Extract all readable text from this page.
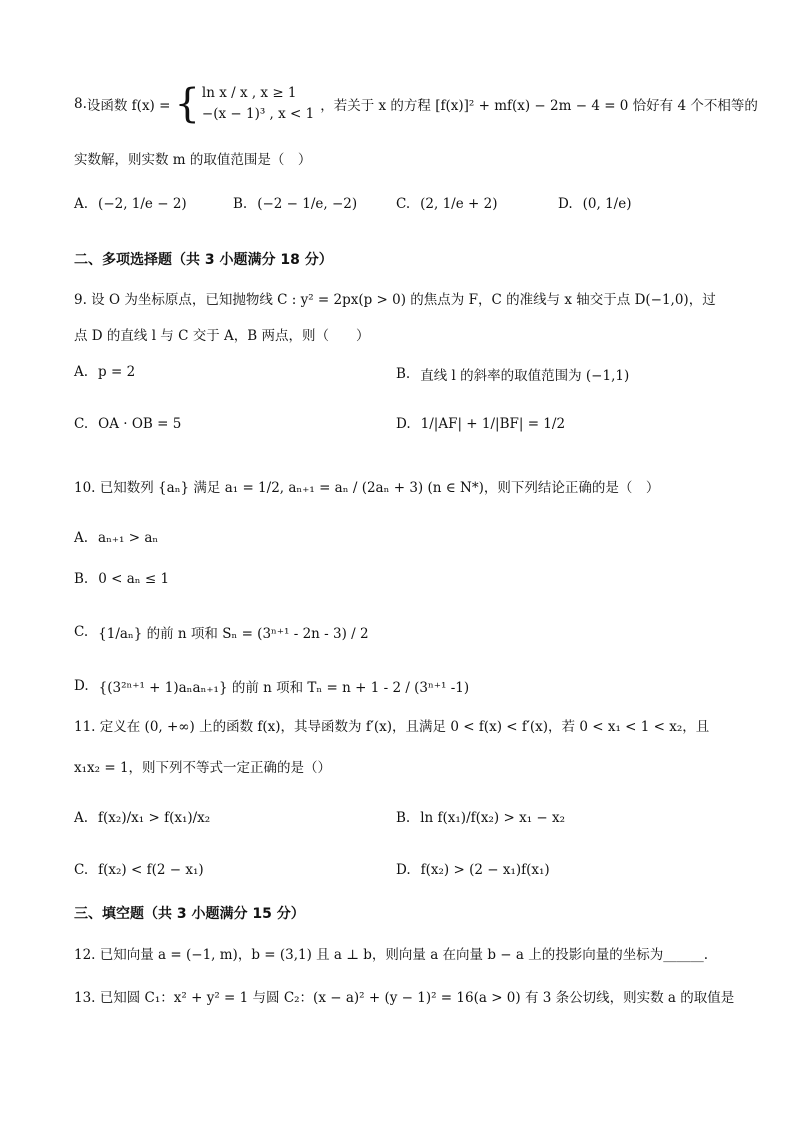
8. 设函数 f(x) = { ln x / x , x ≥ 1
−(x − 1)³ , x < 1 ，若关于 x 的方程 [f(x)]² + mf(x) − 2m − 4 = 0 恰好有 4 个不相等的
实数解，则实数 m 的取值范围是（　）
A. (−2, 1/e − 2)	B. (−2 − 1/e, −2)	C. (2, 1/e + 2)	D. (0, 1/e)
二、多项选择题（共 3 小题满分 18 分）
9. 设 O 为坐标原点，已知抛物线 C : y² = 2px(p > 0) 的焦点为 F，C 的准线与 x 轴交于点 D(−1,0)，过
点 D 的直线 l 与 C 交于 A，B 两点，则（　　）
A. p = 2	B. 直线 l 的斜率的取值范围为 (−1,1)
C. OA · OB = 5	D. 1/|AF| + 1/|BF| = 1/2
10. 已知数列 {aₙ} 满足 a₁ = 1/2, aₙ₊₁ = aₙ / (2aₙ + 3) (n ∈ N*)，则下列结论正确的是（　）
A. aₙ₊₁ > aₙ
B. 0 < aₙ ≤ 1
C. {1/aₙ} 的前 n 项和 Sₙ = (3ⁿ⁺¹ - 2n - 3) / 2
D. {(3²ⁿ⁺¹ + 1)aₙaₙ₊₁} 的前 n 项和 Tₙ = n + 1 - 2 / (3ⁿ⁺¹ -1)
11. 定义在 (0, +∞) 上的函数 f(x)，其导函数为 f′(x)，且满足 0 < f(x) < f′(x)，若 0 < x₁ < 1 < x₂，且
x₁x₂ = 1，则下列不等式一定正确的是（）
A. f(x₂)/x₁ > f(x₁)/x₂	B. ln f(x₁)/f(x₂) > x₁ − x₂
C. f(x₂) < f(2 − x₁)	D. f(x₂) > (2 − x₁)f(x₁)
三、填空题（共 3 小题满分 15 分）
12. 已知向量 a = (−1, m)，b = (3,1) 且 a ⊥ b，则向量 a 在向量 b − a 上的投影向量的坐标为______.
13. 已知圆 C₁：x² + y² = 1 与圆 C₂：(x − a)² + (y − 1)² = 16(a > 0) 有 3 条公切线，则实数 a 的取值是
